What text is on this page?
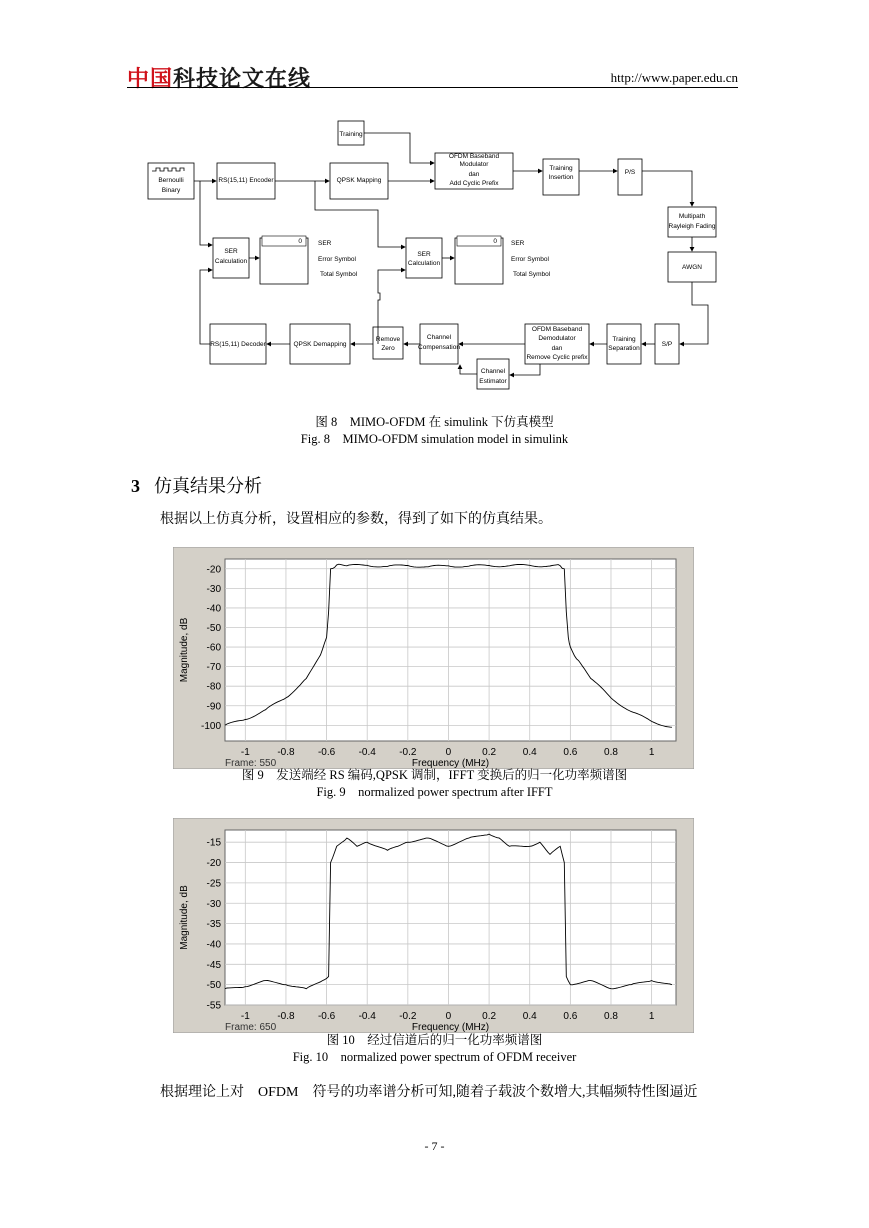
中国科技论文在线	http://www.paper.edu.cn
Training
Bernoulli
Binary
RS(15,11) Encoder	QPSK Mapping
OFDM Baseband
Modulator
dan
Add Cyclic Prefix
Training
Insertion
P/S
Multipath
Rayleigh Fading
AWGN
SER
Calculation
SER
Calculation
RS(15,11) Decoder	QPSK Demapping
Remove
Zero
Channel
Compensation
OFDM Baseband
Demodulator
dan
Remove Cyclic prefix
Training
Separation
S/P
Channel
Estimator
0	0
SER
Error Symbol
Total Symbol
SER
Error Symbol
Total Symbol
图 8　MIMO-OFDM 在 simulink 下仿真模型
Fig. 8　MIMO-OFDM simulation model in simulink
3 仿真结果分析
根据以上仿真分析，设置相应的参数，得到了如下的仿真结果。
-1	-0.8 -0.6 -0.4 -0.2	0	0.2	0.4	0.6	0.8	1
-20
-30
-40
-50
-60
-70
-80
-90
-100
Frequency (MHz)
Frame: 550
Magnitude, dB
图 9　发送端经 RS 编码,QPSK 调制，IFFT 变换后的归一化功率频谱图
Fig. 9　normalized power spectrum after IFFT
-1	-0.8 -0.6 -0.4 -0.2	0	0.2	0.4	0.6	0.8	1
-15
-20
-25
-30
-35
-40
-45
-50
-55
Frequency (MHz)
Frame: 650
Magnitude, dB
图 10　经过信道后的归一化功率频谱图
Fig. 10　normalized power spectrum of OFDM receiver
根据理论上对　OFDM　符号的功率谱分析可知,随着子载波个数增大,其幅频特性图逼近
- 7 -
